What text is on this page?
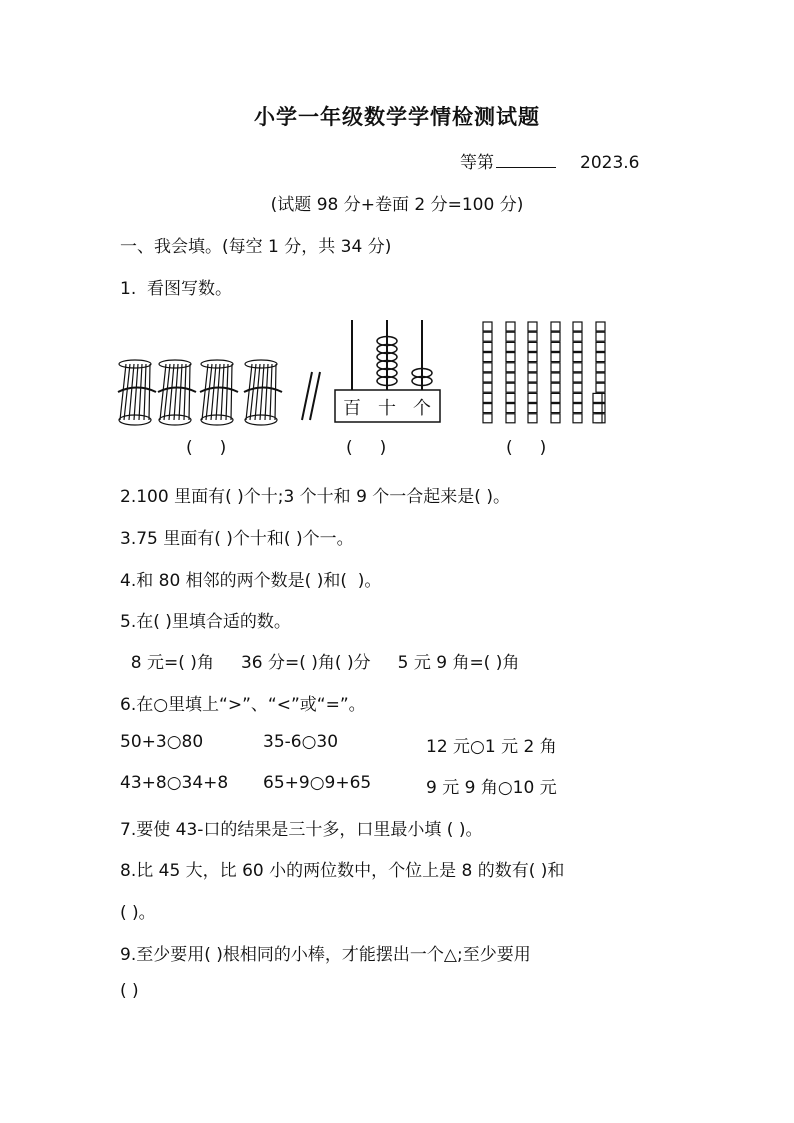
小学一年级数学学情检测试题
等第	2023.6
(试题 98 分+卷面 2 分=100 分)
一、我会填。(每空 1 分，共 34 分)
1.  看图写数。
百 十 个
(     )	(     )	(     )
2.100 里面有( )个十;3 个十和 9 个一合起来是( )。
3.75 里面有( )个十和( )个一。
4.和 80 相邻的两个数是( )和(  )。
5.在( )里填合适的数。
8 元=( )角     36 分=( )角( )分     5 元 9 角=( )角
6.在○里填上“>”、“<”或“=”。
50+3○80	35-6○30	12 元○1 元 2 角
43+8○34+8 65+9○9+65	9 元 9 角○10 元
7.要使 43-口的结果是三十多，口里最小填 ( )。
8.比 45 大，比 60 小的两位数中，个位上是 8 的数有( )和
( )。
9.至少要用( )根相同的小棒，才能摆出一个△;至少要用
( )
